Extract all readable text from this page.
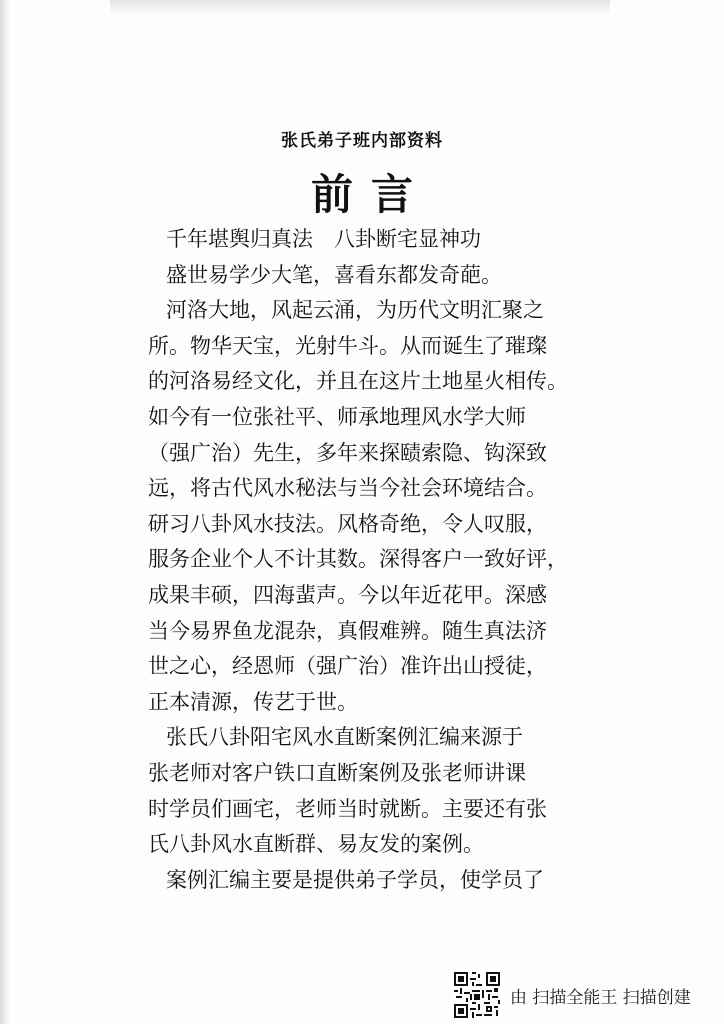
张氏弟子班内部资料
前言
千年堪舆归真法　八卦断宅显神功
盛世易学少大笔，喜看东都发奇葩。
河洛大地，风起云涌，为历代文明汇聚之
所。物华天宝，光射牛斗。从而诞生了璀璨
的河洛易经文化，并且在这片土地星火相传。
如今有一位张社平、师承地理风水学大师
（强广治）先生，多年来探赜索隐、钩深致
远，将古代风水秘法与当今社会环境结合。
研习八卦风水技法。风格奇绝，令人叹服，
服务企业个人不计其数。深得客户一致好评，
成果丰硕，四海蜚声。今以年近花甲。深感
当今易界鱼龙混杂，真假难辨。随生真法济
世之心，经恩师（强广治）准许出山授徒，
正本清源，传艺于世。
张氏八卦阳宅风水直断案例汇编来源于
张老师对客户铁口直断案例及张老师讲课
时学员们画宅，老师当时就断。主要还有张
氏八卦风水直断群、易友发的案例。
案例汇编主要是提供弟子学员，使学员了
由 扫描全能王 扫描创建
